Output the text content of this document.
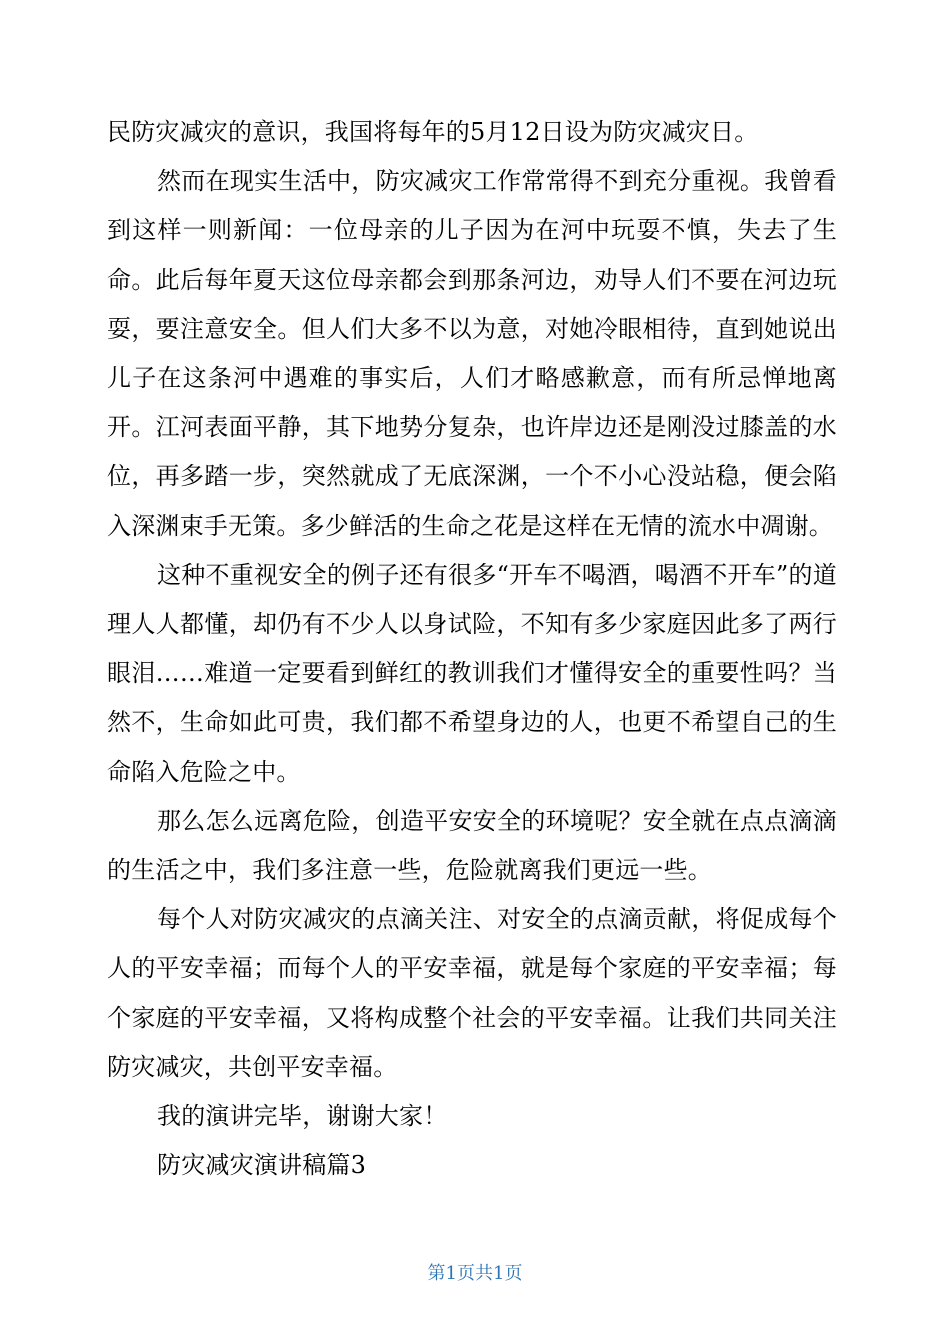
民防灾减灾的意识，我国将每年的5月12日设为防灾减灾日。

然而在现实生活中，防灾减灾工作常常得不到充分重视。我曾看到这样一则新闻：一位母亲的儿子因为在河中玩耍不慎，失去了生命。此后每年夏天这位母亲都会到那条河边，劝导人们不要在河边玩耍，要注意安全。但人们大多不以为意，对她冷眼相待，直到她说出儿子在这条河中遇难的事实后，人们才略感歉意，而有所忌惮地离开。江河表面平静，其下地势分复杂，也许岸边还是刚没过膝盖的水位，再多踏一步，突然就成了无底深渊，一个不小心没站稳，便会陷入深渊束手无策。多少鲜活的生命之花是这样在无情的流水中凋谢。

这种不重视安全的例子还有很多“开车不喝酒，喝酒不开车”的道理人人都懂，却仍有不少人以身试险，不知有多少家庭因此多了两行眼泪……难道一定要看到鲜红的教训我们才懂得安全的重要性吗？当然不，生命如此可贵，我们都不希望身边的人，也更不希望自己的生命陷入危险之中。

那么怎么远离危险，创造平安安全的环境呢？安全就在点点滴滴的生活之中，我们多注意一些，危险就离我们更远一些。

每个人对防灾减灾的点滴关注、对安全的点滴贡献，将促成每个人的平安幸福；而每个人的平安幸福，就是每个家庭的平安幸福；每个家庭的平安幸福，又将构成整个社会的平安幸福。让我们共同关注防灾减灾，共创平安幸福。

我的演讲完毕，谢谢大家！

防灾减灾演讲稿篇3

第1页共1页
